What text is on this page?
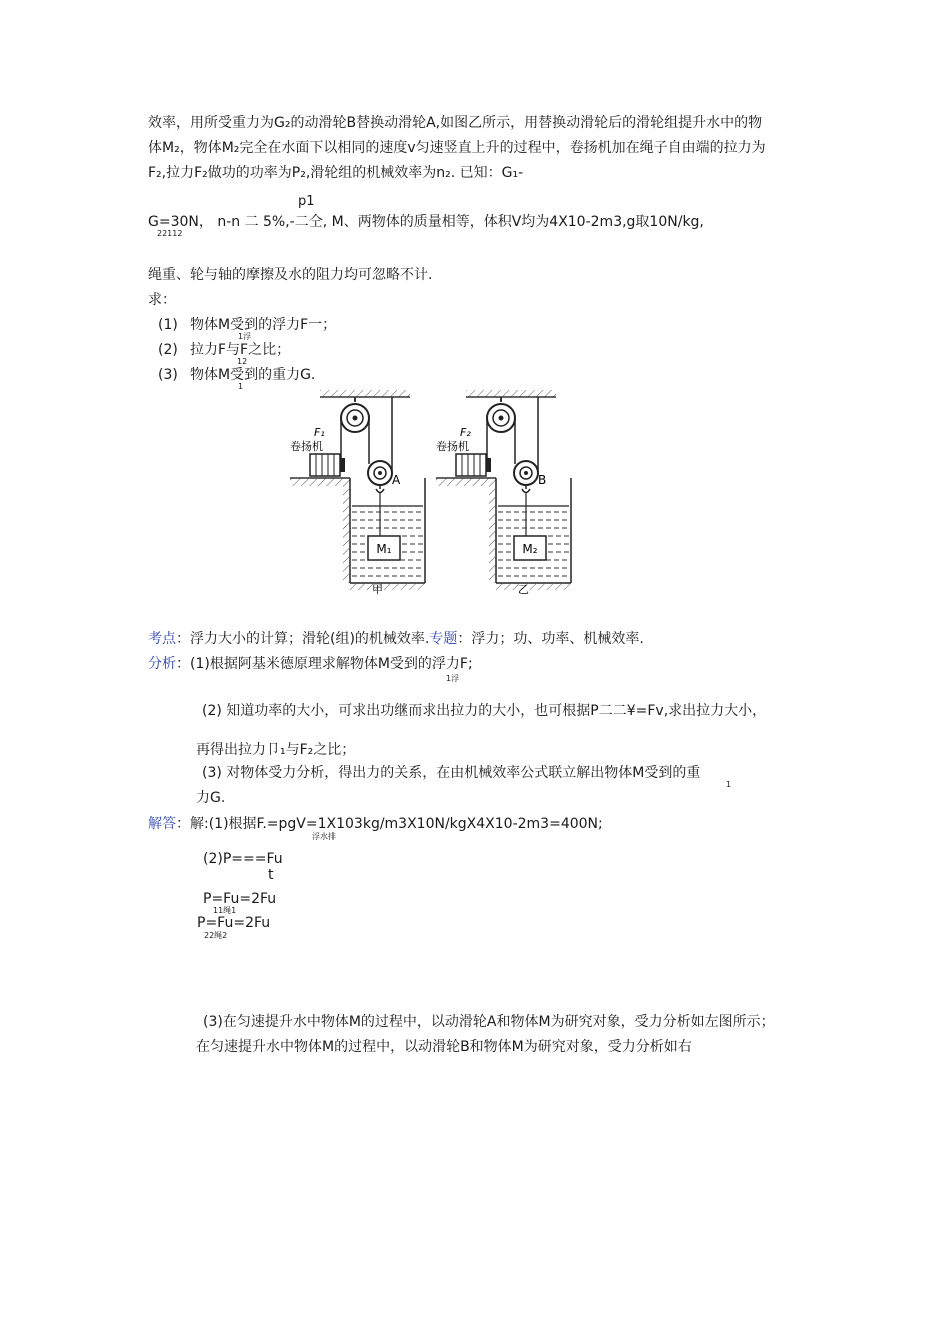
效率，用所受重力为G₂的动滑轮B替换动滑轮A,如图乙所示，用替换动滑轮后的滑轮组提升水中的物
体M₂，物体M₂完全在水面下以相同的速度v匀速竖直上升的过程中，卷扬机加在绳子自由端的拉力为
F₂,拉力F₂做功的功率为P₂,滑轮组的机械效率为n₂. 已知：G₁-
p1
G=30N， n-n 二 5%,-二仝, M、两物体的质量相等，体积V均为4X10-2m3,g取10N/kg,
22112
绳重、轮与轴的摩擦及水的阻力均可忽略不计.
求：
(1) 物体M受到的浮力F一；
1浮
(2) 拉力F与F之比；
12
(3) 物体M受到的重力G.
1
A
F₁
卷扬机
M₁
甲
B
F₂
卷扬机
M₂
乙
考点：浮力大小的计算；滑轮(组)的机械效率.专题：浮力；功、功率、机械效率.
分析：(1)根据阿基米德原理求解物体M受到的浮力F;
1浮
(2) 知道功率的大小，可求出功继而求出拉力的大小，也可根据P二二¥=Fv,求出拉力大小，
再得出拉力卩₁与F₂之比；
(3) 对物体受力分析，得出力的关系，在由机械效率公式联立解出物体M受到的重
1
力G.
解答：解:(1)根据F.=pgV=1X103kg/m3X10N/kgX4X10-2m3=400N;
浮水排
(2)P===Fu
t
P=Fu=2Fu
11绳1
P=Fu=2Fu
22绳2
(3)在匀速提升水中物体M的过程中，以动滑轮A和物体M为研究对象，受力分析如左图所示；
在匀速提升水中物体M的过程中，以动滑轮B和物体M为研究对象，受力分析如右
